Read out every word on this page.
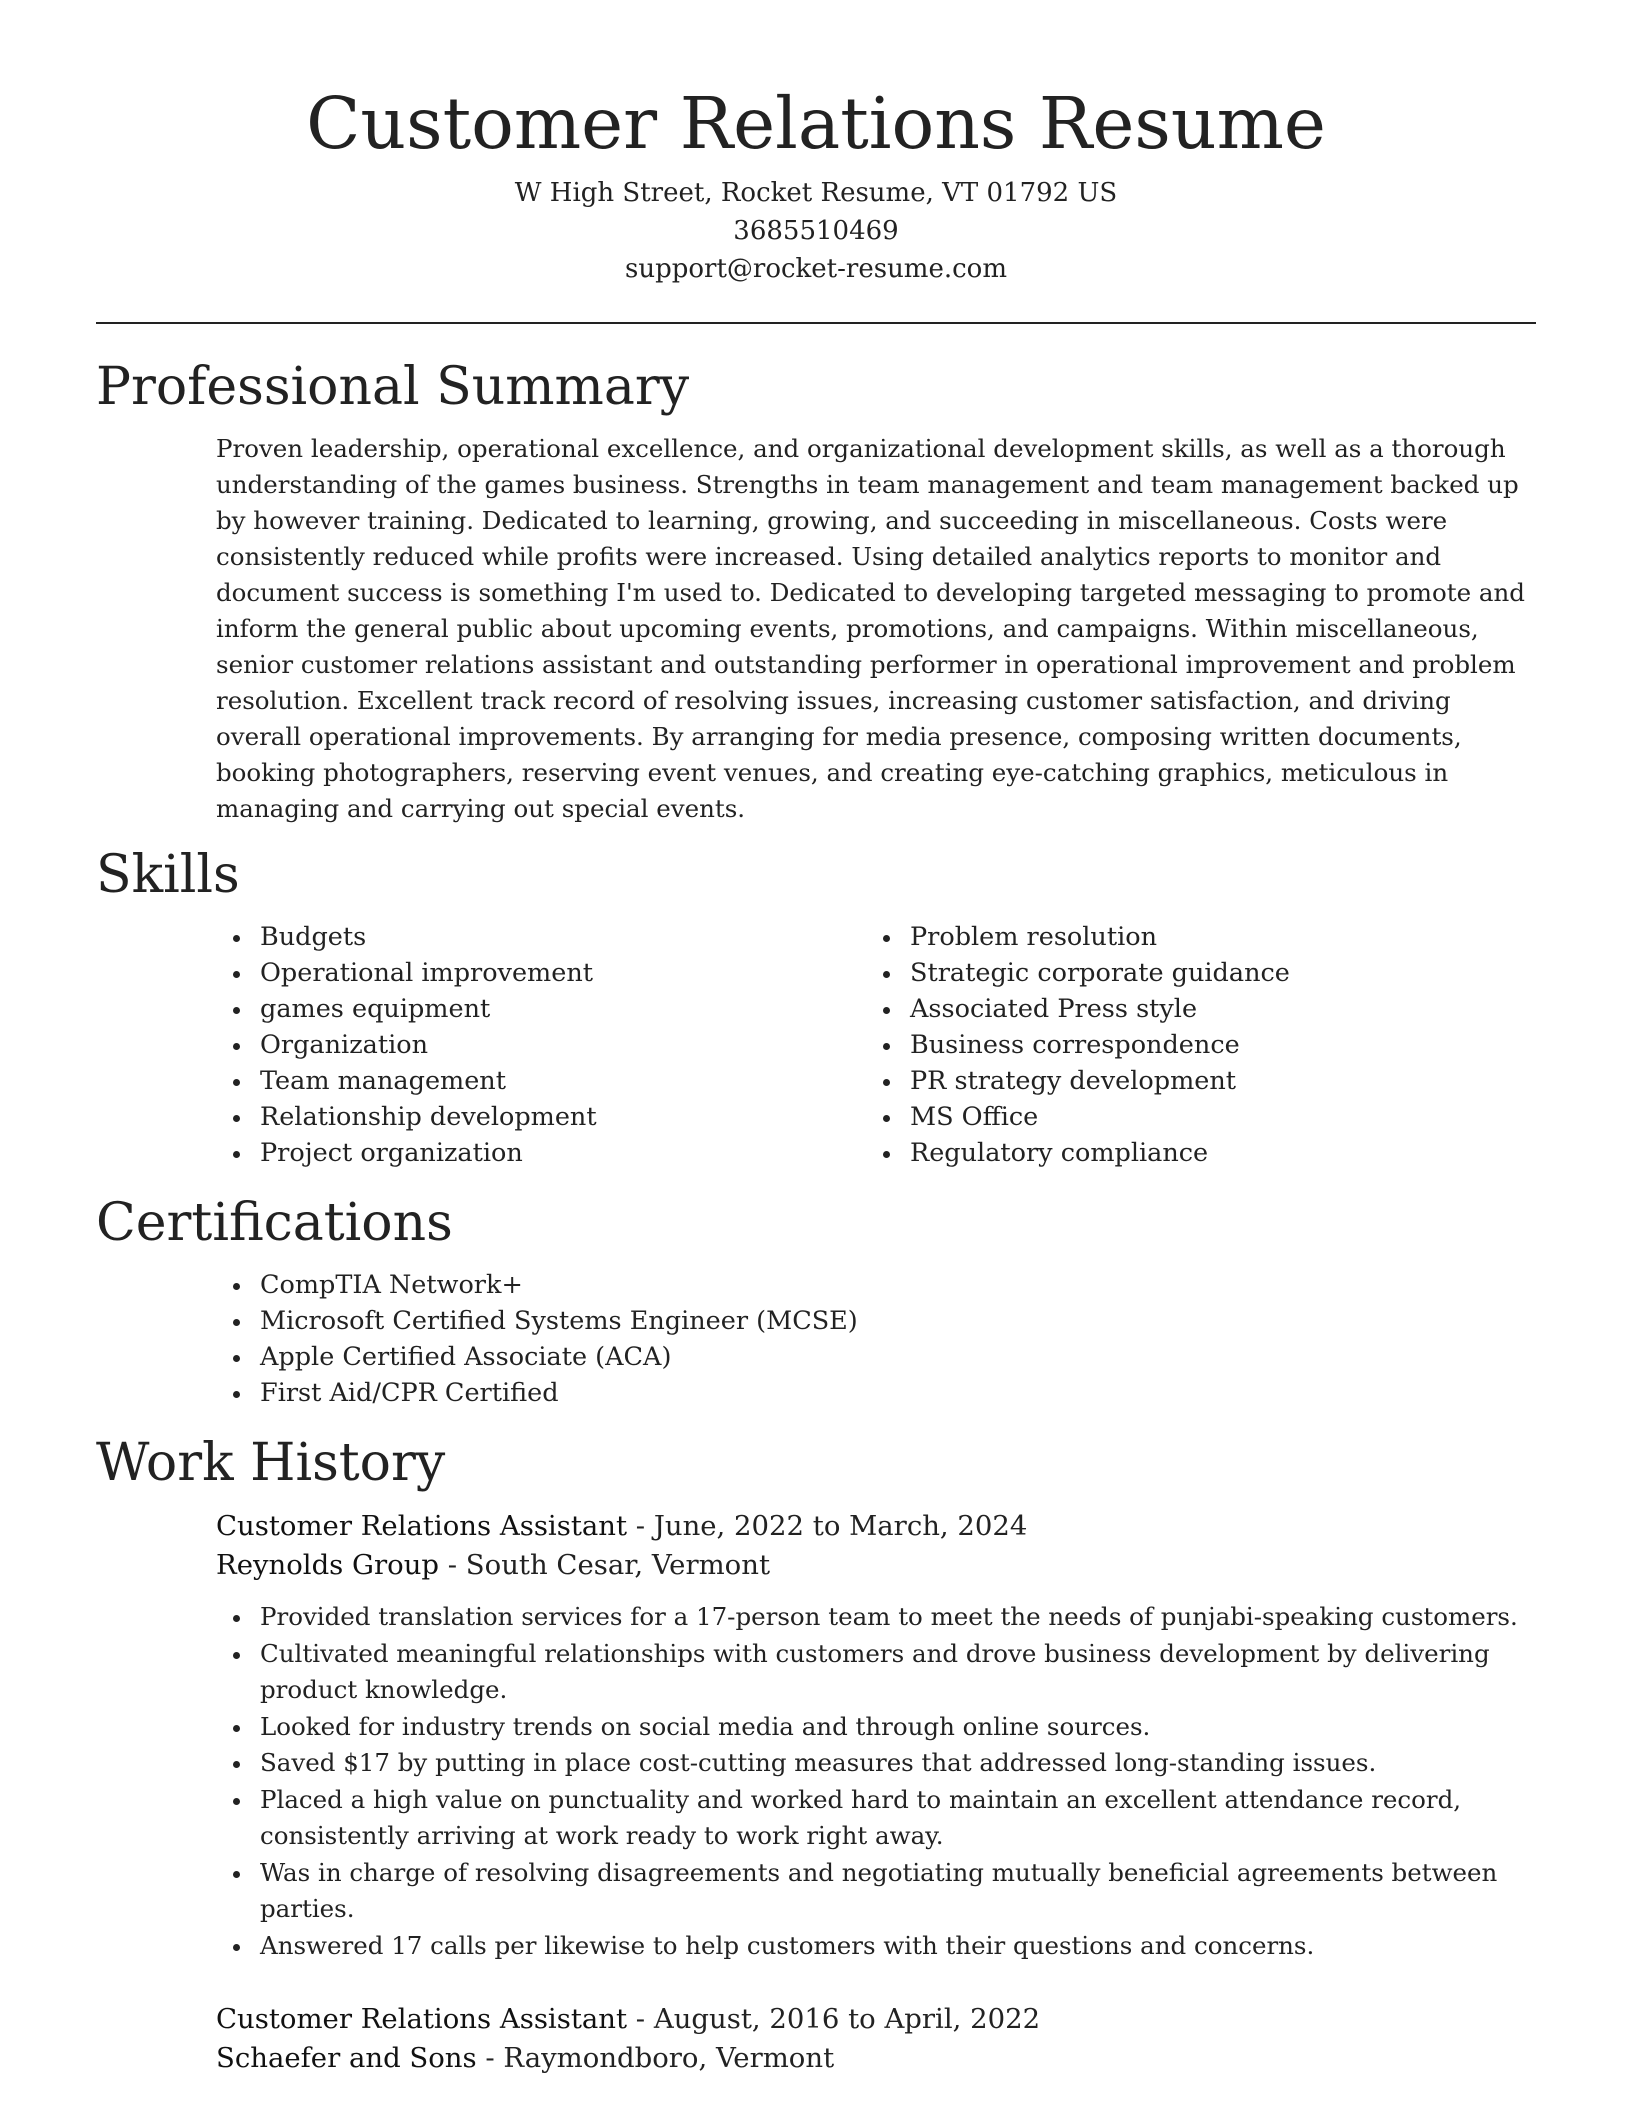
Customer Relations Resume
W High Street, Rocket Resume, VT 01792 US
3685510469
support@rocket-resume.com
Professional Summary

Proven leadership, operational excellence, and organizational development skills, as well as a thorough understanding of the games business. Strengths in team management and team management backed up by however training. Dedicated to learning, growing, and succeeding in miscellaneous. Costs were consistently reduced while profits were increased. Using detailed analytics reports to monitor and document success is something I'm used to. Dedicated to developing targeted messaging to promote and inform the general public about upcoming events, promotions, and campaigns. Within miscellaneous, senior customer relations assistant and outstanding performer in operational improvement and problem resolution. Excellent track record of resolving issues, increasing customer satisfaction, and driving overall operational improvements. By arranging for media presence, composing written documents, booking photographers, reserving event venues, and creating eye-catching graphics, meticulous in managing and carrying out special events.

Skills
Budgets
Operational improvement
games equipment
Organization
Team management
Relationship development
Project organization
Problem resolution
Strategic corporate guidance
Associated Press style
Business correspondence
PR strategy development
MS Office
Regulatory compliance
Certifications
CompTIA Network+
Microsoft Certified Systems Engineer (MCSE)
Apple Certified Associate (ACA)
First Aid/CPR Certified
Work History
Customer Relations Assistant - June, 2022 to March, 2024
Reynolds Group - South Cesar, Vermont
Provided translation services for a 17-person team to meet the needs of punjabi-speaking customers.
Cultivated meaningful relationships with customers and drove business development by delivering product knowledge.
Looked for industry trends on social media and through online sources.
Saved $17 by putting in place cost-cutting measures that addressed long-standing issues.
Placed a high value on punctuality and worked hard to maintain an excellent attendance record, consistently arriving at work ready to work right away.
Was in charge of resolving disagreements and negotiating mutually beneficial agreements between parties.
Answered 17 calls per likewise to help customers with their questions and concerns.
Customer Relations Assistant - August, 2016 to April, 2022
Schaefer and Sons - Raymondboro, Vermont
